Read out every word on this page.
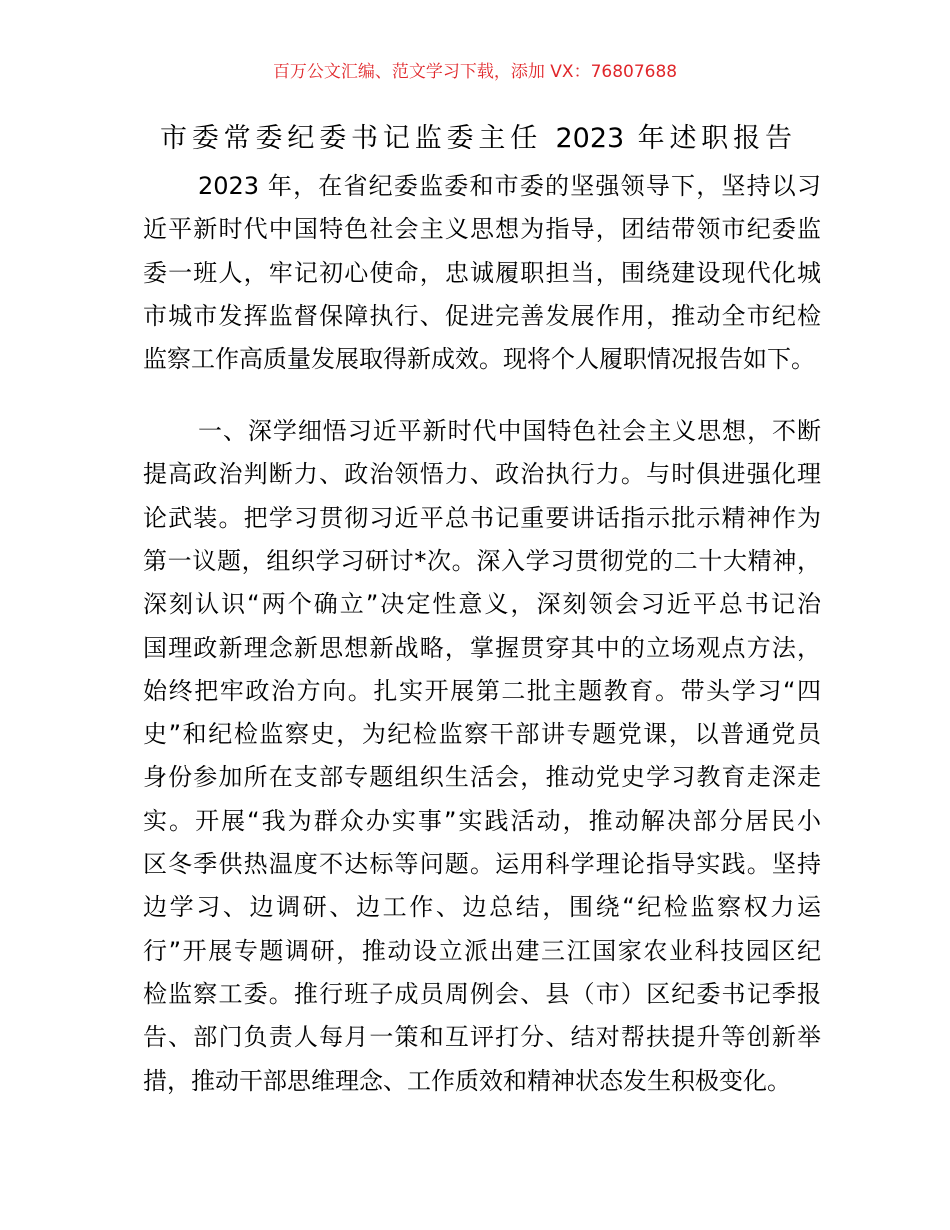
百万公文汇编、范文学习下载，添加 VX：76807688
市委常委纪委书记监委主任 2023 年述职报告
2023 年，在省纪委监委和市委的坚强领导下，坚持以习
近平新时代中国特色社会主义思想为指导，团结带领市纪委监
委一班人，牢记初心使命，忠诚履职担当，围绕建设现代化城
市城市发挥监督保障执行、促进完善发展作用，推动全市纪检
监察工作高质量发展取得新成效。现将个人履职情况报告如下。
一、深学细悟习近平新时代中国特色社会主义思想，不断
提高政治判断力、政治领悟力、政治执行力。与时俱进强化理
论武装。把学习贯彻习近平总书记重要讲话指示批示精神作为
第一议题，组织学习研讨*次。深入学习贯彻党的二十大精神，
深刻认识“两个确立”决定性意义，深刻领会习近平总书记治
国理政新理念新思想新战略，掌握贯穿其中的立场观点方法，
始终把牢政治方向。扎实开展第二批主题教育。带头学习“四
史”和纪检监察史，为纪检监察干部讲专题党课，以普通党员
身份参加所在支部专题组织生活会，推动党史学习教育走深走
实。开展“我为群众办实事”实践活动，推动解决部分居民小
区冬季供热温度不达标等问题。运用科学理论指导实践。坚持
边学习、边调研、边工作、边总结，围绕“纪检监察权力运
行”开展专题调研，推动设立派出建三江国家农业科技园区纪
检监察工委。推行班子成员周例会、县（市）区纪委书记季报
告、部门负责人每月一策和互评打分、结对帮扶提升等创新举
措，推动干部思维理念、工作质效和精神状态发生积极变化。
